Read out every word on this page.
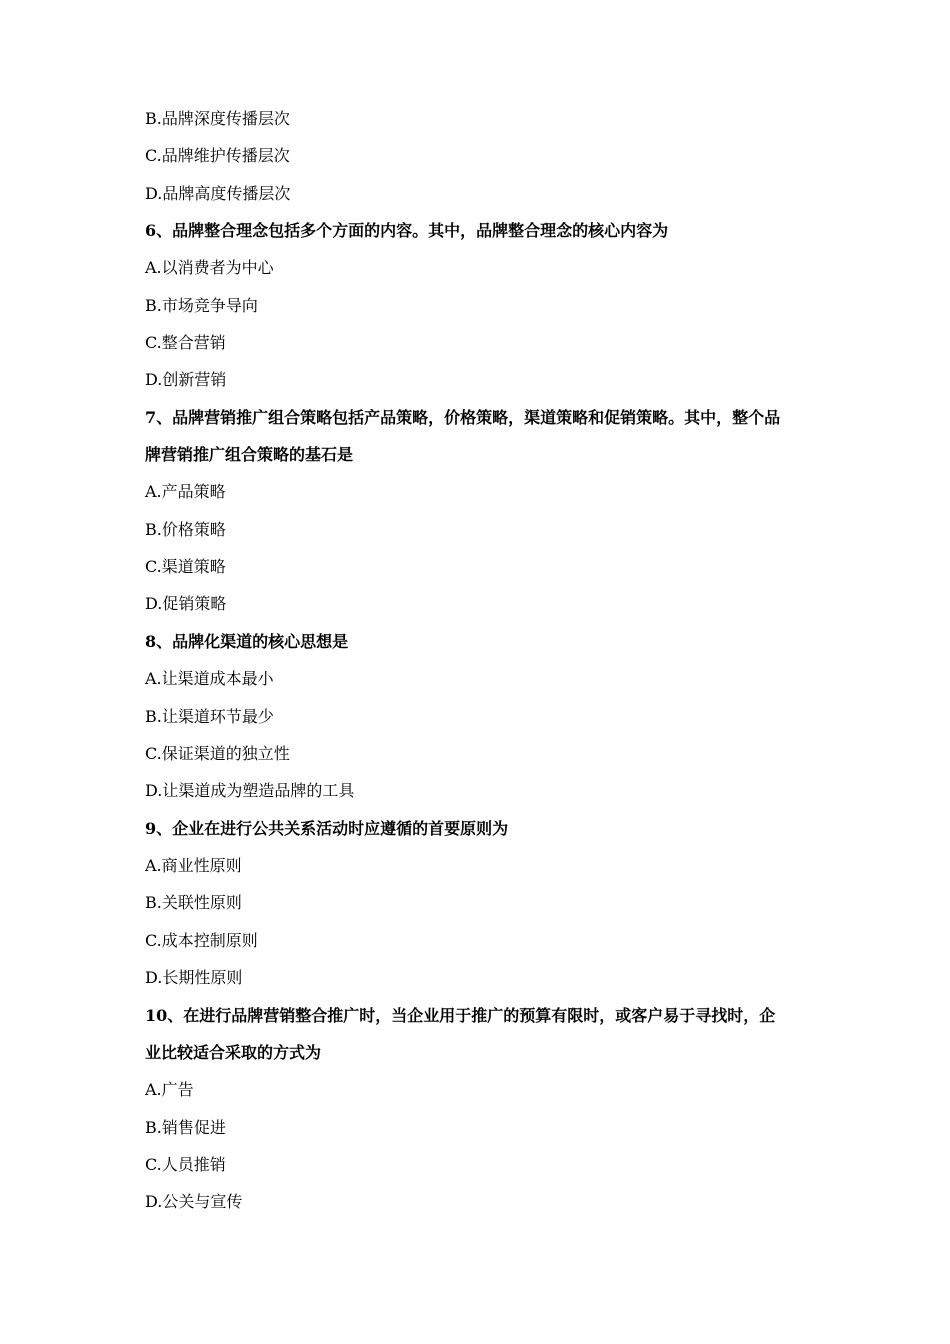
B.品牌深度传播层次
C.品牌维护传播层次
D.品牌高度传播层次
6、品牌整合理念包括多个方面的内容。其中，品牌整合理念的核心内容为
A.以消费者为中心
B.市场竞争导向
C.整合营销
D.创新营销
7、品牌营销推广组合策略包括产品策略，价格策略，渠道策略和促销策略。其中，整个品
牌营销推广组合策略的基石是
A.产品策略
B.价格策略
C.渠道策略
D.促销策略
8、品牌化渠道的核心思想是
A.让渠道成本最小
B.让渠道环节最少
C.保证渠道的独立性
D.让渠道成为塑造品牌的工具
9、企业在进行公共关系活动时应遵循的首要原则为
A.商业性原则
B.关联性原则
C.成本控制原则
D.长期性原则
10、在进行品牌营销整合推广时，当企业用于推广的预算有限时，或客户易于寻找时，企
业比较适合采取的方式为
A.广告
B.销售促进
C.人员推销
D.公关与宣传
